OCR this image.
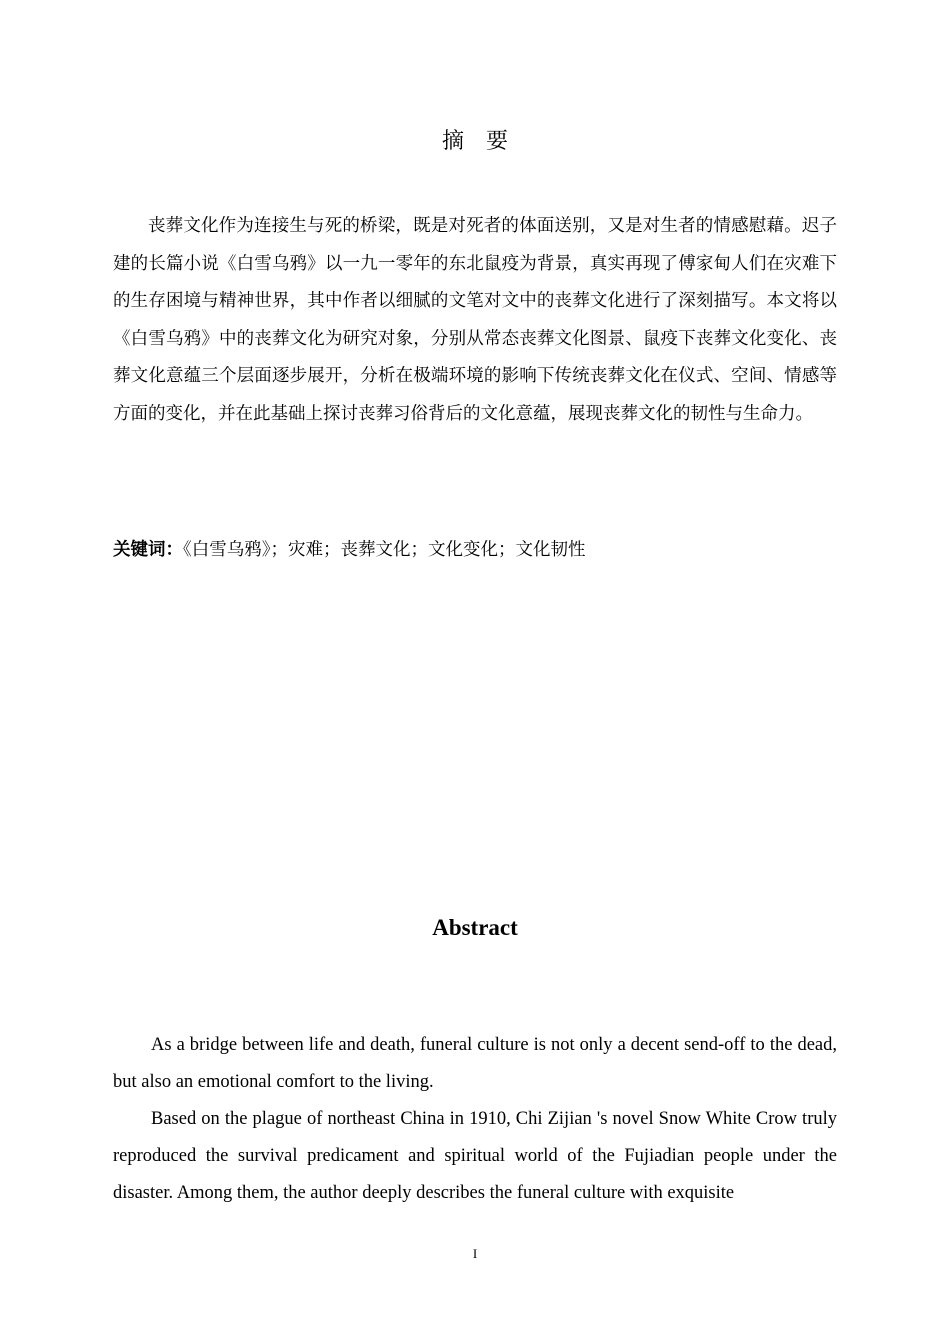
摘　要

丧葬文化作为连接生与死的桥梁，既是对死者的体面送别，又是对生者的情感慰藉。迟子建的长篇小说《白雪乌鸦》以一九一零年的东北鼠疫为背景，真实再现了傅家甸人们在灾难下的生存困境与精神世界，其中作者以细腻的文笔对文中的丧葬文化进行了深刻描写。本文将以《白雪乌鸦》中的丧葬文化为研究对象，分别从常态丧葬文化图景、鼠疫下丧葬文化变化、丧葬文化意蕴三个层面逐步展开，分析在极端环境的影响下传统丧葬文化在仪式、空间、情感等方面的变化，并在此基础上探讨丧葬习俗背后的文化意蕴，展现丧葬文化的韧性与生命力。

关键词：《白雪乌鸦》；灾难；丧葬文化；文化变化；文化韧性
Abstract

As a bridge between life and death, funeral culture is not only a decent send-off to the dead, but also an emotional comfort to the living.

Based on the plague of northeast China in 1910, Chi Zijian 's novel Snow White Crow truly reproduced the survival predicament and spiritual world of the Fujiadian people under the disaster. Among them, the author deeply describes the funeral culture with exquisite

I
